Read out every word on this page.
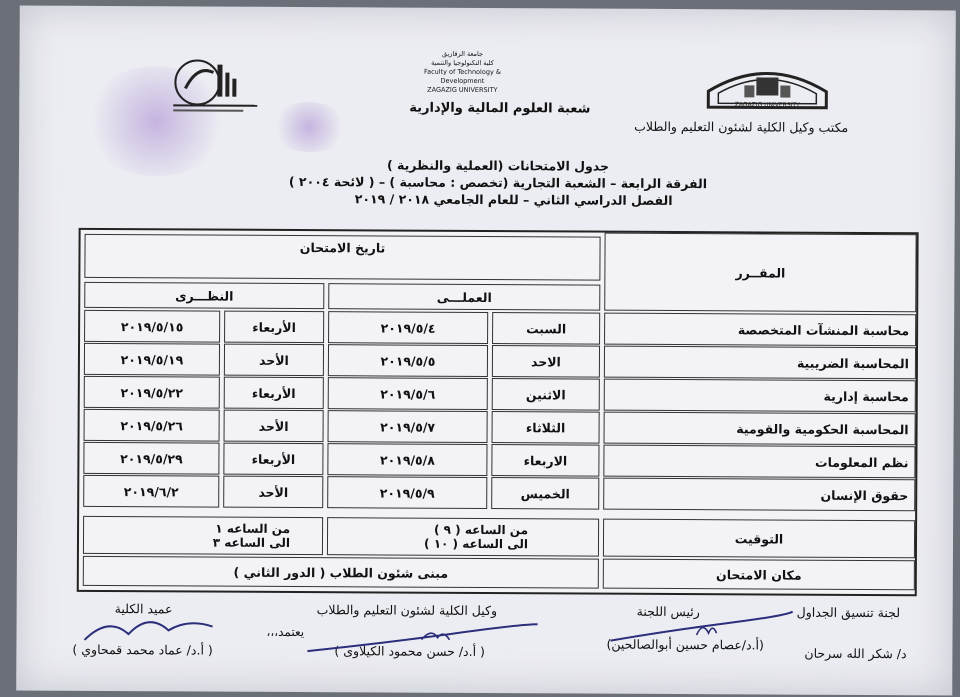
جامعة الزقازيق
كلية التكنولوجيا والتنمية
Faculty of Technology & Development
ZAGAZIG UNIVERSITY
ZAGAZIG UNIVERSITY
شعبة العلوم المالية والإدارية
مكتب وكيل الكلية لشئون التعليم والطلاب
جدول الامتحانات (العملية والنظرية )
الفرقة الرابعة – الشعبة التجارية (تخصص : محاسبة ) – ( لائحة ٢٠٠٤ )
الفصل الدراسي الثاني – للعام الجامعي ٢٠١٨ / ٢٠١٩
المقــرر
تاريخ الامتحان
العملـــى
النظـــرى
محاسبة المنشآت المتخصصة
السبت
٢٠١٩/٥/٤
الأربعاء
٢٠١٩/٥/١٥
المحاسبة الضريبية
الاحد
٢٠١٩/٥/٥
الأحد
٢٠١٩/٥/١٩
محاسبة إدارية
الاثنين
٢٠١٩/٥/٦
الأربعاء
٢٠١٩/٥/٢٢
المحاسبة الحكومية والقومية
الثلاثاء
٢٠١٩/٥/٧
الأحد
٢٠١٩/٥/٢٦
نظم المعلومات
الاربعاء
٢٠١٩/٥/٨
الأربعاء
٢٠١٩/٥/٢٩
حقوق الإنسان
الخميس
٢٠١٩/٥/٩
الأحد
٢٠١٩/٦/٢
التوقيت
من الساعه ( ٩ )
الى الساعه ( ١٠ )
من الساعه ١
الى الساعه ٣
مكان الامتحان
مبنى شئون الطلاب ( الدور الثاني )
لجنة تنسيق الجداول
د/ شكر الله سرحان
رئيس اللجنة
(أ.د/عصام حسين أبوالصالحين)
وكيل الكلية لشئون التعليم والطلاب
يعتمد،،،
( أ.د/ حسن محمود الكيلاوى )
عميد الكلية
( أ.د/ عماد محمد قمحاوي )
